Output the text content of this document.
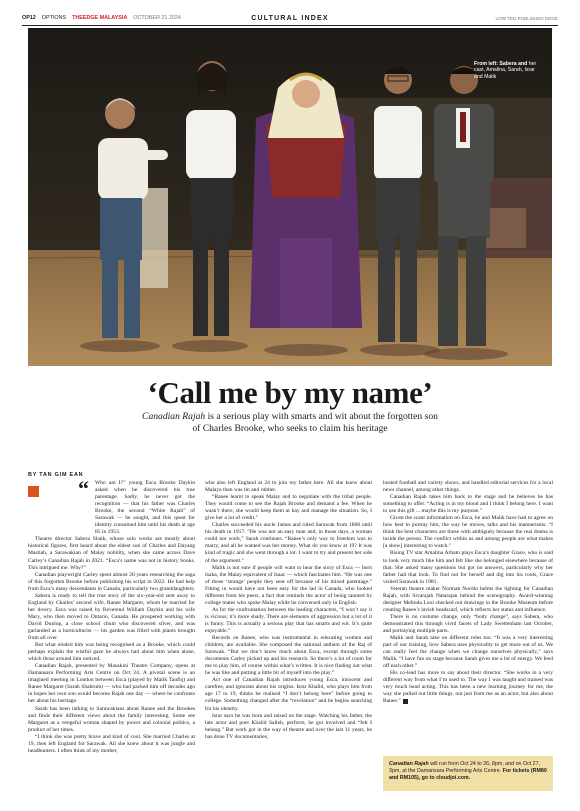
OP12 OPTIONS THEEDGE MALAYSIA OCTOBER 21 2024	CULTURAL INDEX	LOW TED PUBLISHED EDGE
From left: Sabera and her cast, Amalina, Sarah, Israr and Malik
‘Call me by my name’
Canadian Rajah is a serious play with smarts and wit about the forgotten son of Charles Brooke, who seeks to claim his heritage
BY TAN GIM EAN
“	Who am I?” young Esca Brooke Daykin asked when he discovered his true parentage. Sadly, he never got the recognition — that his father was Charles Brooke, the second “White Rajah” of Sarawak — he sought, and this quest for identity consumed him until his death at age 85 in 1953.

Theatre director Sabera Shaik, whose solo works are mostly about historical figures, first heard about the eldest son of Charles and Dayang Mastiah, a Sarawakian of Malay nobility, when she came across Dave Carley’s Canadian Rajah in 2021. “Esca’s name was not in history books. This intrigued me. Why?”

Canadian playwright Carley spent almost 20 years researching the saga of this forgotten Brooke before publishing his script in 2022. He had help from Esca’s many descendants in Canada, particularly two granddaughters.

Sabera is ready to tell the true story of the six-year-old sent away to England by Charles’ second wife, Ranee Margaret, whom he married for her dowry. Esca was raised by Reverend William Daykin and his wife Mary, who then moved to Ontario, Canada. He prospered working with David Dunlop, a close school chum who discovered silver, and was garlanded as a horticulturist — his garden was filled with plants brought from all over.

But what eluded him was being recognised as a Brooke, which could perhaps explain the wistful gaze he always had about him when alone, which those around him noticed.

Canadian Rajah, presented by Masakini Theatre Company, opens at Damansara Performing Arts Centre on Oct 24. A pivotal scene is an imagined meeting in London between Esca (played by Malik Taufiq) and Ranee Margaret (Sarah Shahrum) — who had packed him off decades ago in hopes her own son would become Rajah one day — where he confronts her about his heritage.

Sarah has been talking to Sarawakians about Ranee and the Brookes and finds their different views about the family interesting. Some see Margaret as a vengeful woman shaped by power and colonial politics, a product of her times.

“I think she was pretty brave and kind of cool. She married Charles at 19, then left England for Sarawak. All she knew about it was jungle and headhunters. I often think of my mother,

who also left England at 24 to join my father here. All she knew about Malaya then was tin and rubber.

“Ranee learnt to speak Malay and to negotiate with the tribal people. They would come to see the Rajah Brooke and demand a fee. When he wasn’t there, she would keep them at bay and manage the situation. So, I give her a lot of credit.”

Charles succeeded his uncle James and ruled Sarawak from 1868 until his death in 1917. “He was not an easy man and, in those days, a woman could not work,” Sarah continues. “Ranee’s only way to freedom was to marry, and all he wanted was her money. What do you know at 19? It was kind of tragic and she went through a lot. I want to try and present her side of the argument.”

Malik is not sure if people will want to hear the story of Esca — born Isaka, the Malay equivalent of Isaac — which fascinates him. “He was one of those ‘strange’ people they sent off because of his mixed parentage.” Fitting in would have not been easy for the lad in Canada, who looked different from his peers, a fact that reminds the actor of being taunted by college mates who spoke Malay while he conversed only in English.

As for the confrontation between the leading characters, “I won’t say it is vicious; it’s more shady. There are elements of aggression but a lot of it is funny. This is actually a serious play that has smarts and wit. It’s quite enjoyable.”

Records on Ranee, who was instrumental in educating women and children, are available. She composed the national anthem of the Raj of Sarawak. “But we don’t know much about Esca, except through some documents Carley picked up and his research. So there’s a lot of room for me to play him, of course within what’s written. It is nice finding out what he was like and putting a little bit of myself into the play.”

Act one of Canadian Rajah introduces young Esca, innocent and carefree, and ignorant about his origins. Israr Khalid, who plays him from age 17 to 19, thinks he realised “I don’t belong here” before going to college. Something changed after the “revelation” and he begins searching for his identity.

Israr says he was born and raised on the stage. Watching his father, the late actor and poet Khalid Salleh, perform, he got involved and “felt I belong.” But work got in the way of theatre and over the last 11 years, he has done TV documentaries,

hosted football and variety shows, and handled editorial services for a local news channel, among other things.

Canadian Rajah takes him back to the stage and he believes he has something to offer. “Acting is in my blood and I think I belong here. I want to use this gift ... maybe this is my purpose.”

Given the scant information on Esca, he and Malik have had to agree on how best to portray him, the way he moves, talks and his mannerisms. “I think the best characters are those with ambiguity because the real drama is inside the person. The conflict within us and among people are what makes [a show] interesting to watch.”

Rising TV star Amalina Arham plays Esca’s daughter Grace, who is said to look very much like him and felt like she belonged elsewhere because of that. She asked many questions but got no answers, particularly why her father had that look. To find out for herself and dig into his roots, Grace visited Sarawak in 1981.

Veteran theatre maker Normah Nordin helms the lighting for Canadian Rajah, with Sivarajah Natarajan behind the scenography. Award-winning designer Melinda Looi checked out drawings in the Brooke Museum before creating Ranee’s lavish headscarf, which reflects her status and influence.

There is no costume change, only “body change”, says Sabera, who demonstrated this through vivid facets of Lady Swettenham last October, and portraying multiple parts.

Malik and Sarah take on different roles too. “It was a very interesting part of our training, how Sabera uses physicality to get more out of us. We can really feel the change when we change ourselves physically,” says Malik. “I have fun on stage because Sarah gives me a lot of energy. We feed off each other.”

His co-lead has more to say about their director. “She works in a very different way from what I’m used to. The way I was taught and trained was very much head acting. This has been a new learning journey for me, the way she pulled out little things, not just from me as an actor, but also about Ranee.”

Canadian Rajah will run from Oct 24 to 26, 8pm, and on Oct 27, 3pm, at the Damansara Performing Arts Centre. For tickets (RM80 and RM105), go to cloudjoi.com.
